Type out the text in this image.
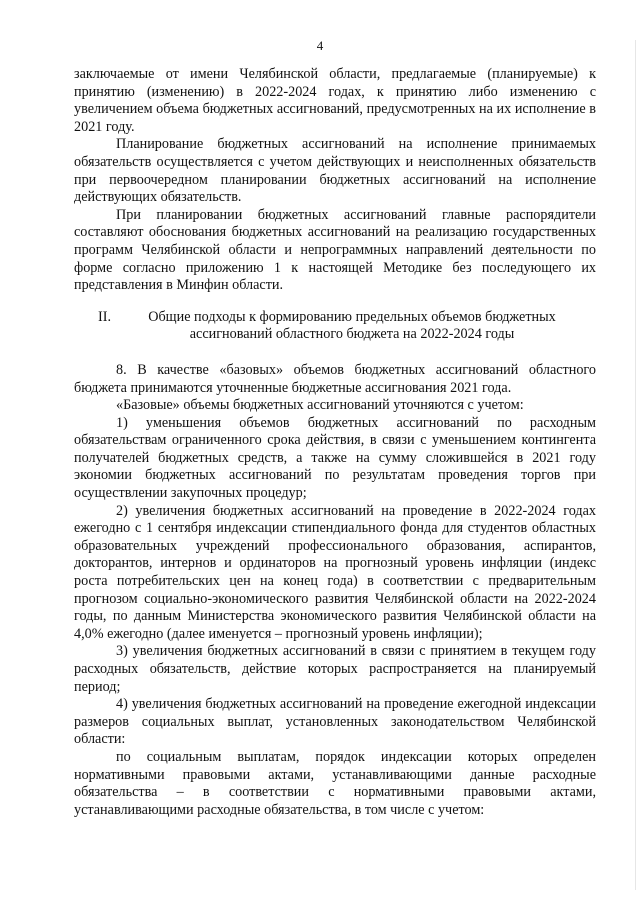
4

заключаемые от имени Челябинской области, предлагаемые (планируемые) к принятию (изменению) в 2022-2024 годах, к принятию либо изменению с увеличением объема бюджетных ассигнований, предусмотренных на их исполнение в 2021 году.

Планирование бюджетных ассигнований на исполнение принимаемых обязательств осуществляется с учетом действующих и неисполненных обязательств при первоочередном планировании бюджетных ассигнований на исполнение действующих обязательств.

При планировании бюджетных ассигнований главные распорядители составляют обоснования бюджетных ассигнований на реализацию государственных программ Челябинской области и непрограммных направлений деятельности по форме согласно приложению 1 к настоящей Методике без последующего их представления в Минфин области.

II.	Общие подходы к формированию предельных объемов бюджетных ассигнований областного бюджета на 2022-2024 годы

8. В качестве «базовых» объемов бюджетных ассигнований областного бюджета принимаются уточненные бюджетные ассигнования 2021 года.

«Базовые» объемы бюджетных ассигнований уточняются с учетом:

1) уменьшения объемов бюджетных ассигнований по расходным обязательствам ограниченного срока действия, в связи с уменьшением контингента получателей бюджетных средств, а также на сумму сложившейся в 2021 году экономии бюджетных ассигнований по результатам проведения торгов при осуществлении закупочных процедур;

2) увеличения бюджетных ассигнований на проведение в 2022-2024 годах ежегодно с 1 сентября индексации стипендиального фонда для студентов областных образовательных учреждений профессионального образования, аспирантов, докторантов, интернов и ординаторов на прогнозный уровень инфляции (индекс роста потребительских цен на конец года) в соответствии с предварительным прогнозом социально-экономического развития Челябинской области на 2022-2024 годы, по данным Министерства экономического развития Челябинской области на 4,0% ежегодно (далее именуется – прогнозный уровень инфляции);

3) увеличения бюджетных ассигнований в связи с принятием в текущем году расходных обязательств, действие которых распространяется на планируемый период;

4) увеличения бюджетных ассигнований на проведение ежегодной индексации размеров социальных выплат, установленных законодательством Челябинской области:

по социальным выплатам, порядок индексации которых определен нормативными правовыми актами, устанавливающими данные расходные обязательства – в соответствии с нормативными правовыми актами, устанавливающими расходные обязательства, в том числе с учетом:
